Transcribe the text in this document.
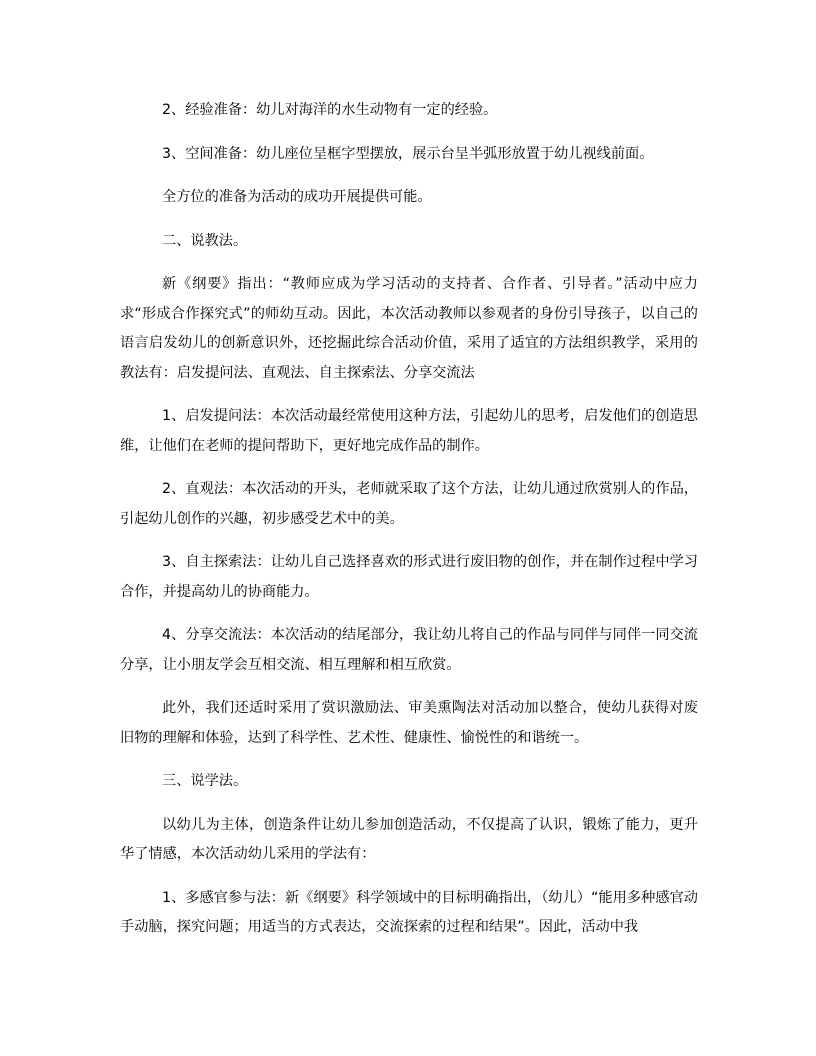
2、经验准备：幼儿对海洋的水生动物有一定的经验。

3、空间准备：幼儿座位呈框字型摆放，展示台呈半弧形放置于幼儿视线前面。

全方位的准备为活动的成功开展提供可能。

二、说教法。

新《纲要》指出：“教师应成为学习活动的支持者、合作者、引导者。”活动中应力求“形成合作探究式”的师幼互动。因此，本次活动教师以参观者的身份引导孩子，以自己的语言启发幼儿的创新意识外，还挖掘此综合活动价值，采用了适宜的方法组织教学，采用的教法有：启发提问法、直观法、自主探索法、分享交流法

1、启发提问法：本次活动最经常使用这种方法，引起幼儿的思考，启发他们的创造思维，让他们在老师的提问帮助下，更好地完成作品的制作。

2、直观法：本次活动的开头，老师就采取了这个方法，让幼儿通过欣赏别人的作品，引起幼儿创作的兴趣，初步感受艺术中的美。

3、自主探索法：让幼儿自己选择喜欢的形式进行废旧物的创作，并在制作过程中学习合作，并提高幼儿的协商能力。

4、分享交流法：本次活动的结尾部分，我让幼儿将自己的作品与同伴与同伴一同交流分享，让小朋友学会互相交流、相互理解和相互欣赏。

此外，我们还适时采用了赏识激励法、审美熏陶法对活动加以整合，使幼儿获得对废旧物的理解和体验，达到了科学性、艺术性、健康性、愉悦性的和谐统一。

三、说学法。

以幼儿为主体，创造条件让幼儿参加创造活动，不仅提高了认识，锻炼了能力，更升华了情感，本次活动幼儿采用的学法有：

1、多感官参与法：新《纲要》科学领域中的目标明确指出，（幼儿）“能用多种感官动手动脑，探究问题；用适当的方式表达，交流探索的过程和结果”。因此，活动中我
